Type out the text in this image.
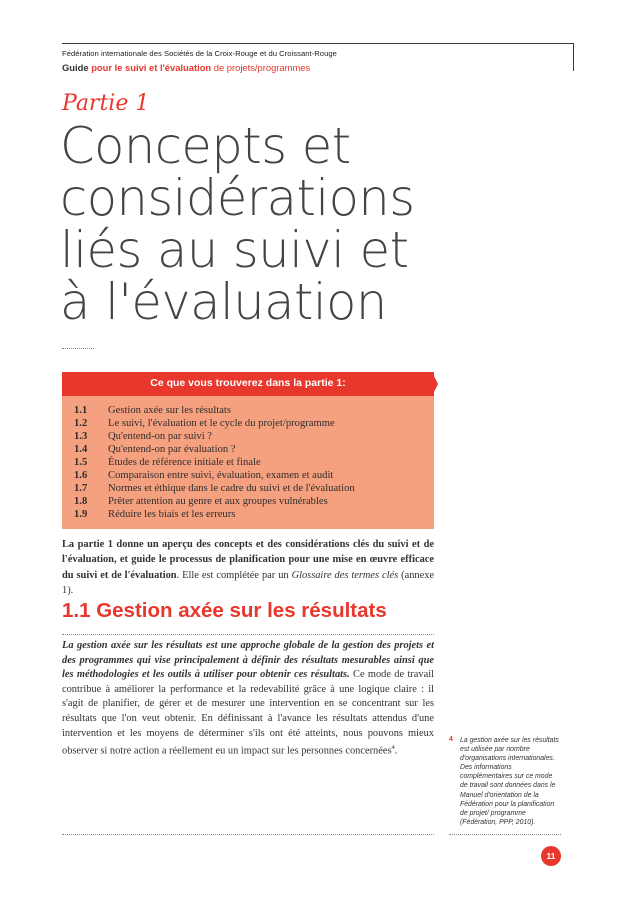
Fédération internationale des Sociétés de la Croix-Rouge et du Croissant-Rouge
Guide pour le suivi et l'évaluation de projets/programmes
Partie 1
Concepts et
considérations
liés au suivi et
à l'évaluation
Ce que vous trouverez dans la partie 1:
1.1 Gestion axée sur les résultats
1.2 Le suivi, l'évaluation et le cycle du projet/programme
1.3 Qu'entend-on par suivi ?
1.4 Qu'entend-on par évaluation ?
1.5 Études de référence initiale et finale
1.6 Comparaison entre suivi, évaluation, examen et audit
1.7 Normes et éthique dans le cadre du suivi et de l'évaluation
1.8 Prêter attention au genre et aux groupes vulnérables
1.9 Réduire les biais et les erreurs
La partie 1 donne un aperçu des concepts et des considérations clés du suivi et de l'évaluation, et guide le processus de planification pour une mise en œuvre efficace du suivi et de l'évaluation. Elle est complétée par un Glossaire des termes clés (annexe 1).
1.1 Gestion axée sur les résultats
La gestion axée sur les résultats est une approche globale de la gestion des projets et des programmes qui vise principalement à définir des résultats mesurables ainsi que les méthodologies et les outils à utiliser pour obtenir ces résultats. Ce mode de travail contribue à améliorer la performance et la redevabilité grâce à une logique claire : il s'agit de planifier, de gérer et de mesurer une intervention en se concentrant sur les résultats que l'on veut obtenir. En définissant à l'avance les résultats attendus d'une intervention et les moyens de déterminer s'ils ont été atteints, nous pouvons mieux observer si notre action a réellement eu un impact sur les personnes concernées$^4$.
4	La gestion axée sur les résultats est utilisée par nombre d'organisations internationales. Des informations complémentaires sur ce mode de travail sont données dans le Manuel d'orientation de la Fédération pour la planification de projet/ programme (Fédération, PPP, 2010).
11
